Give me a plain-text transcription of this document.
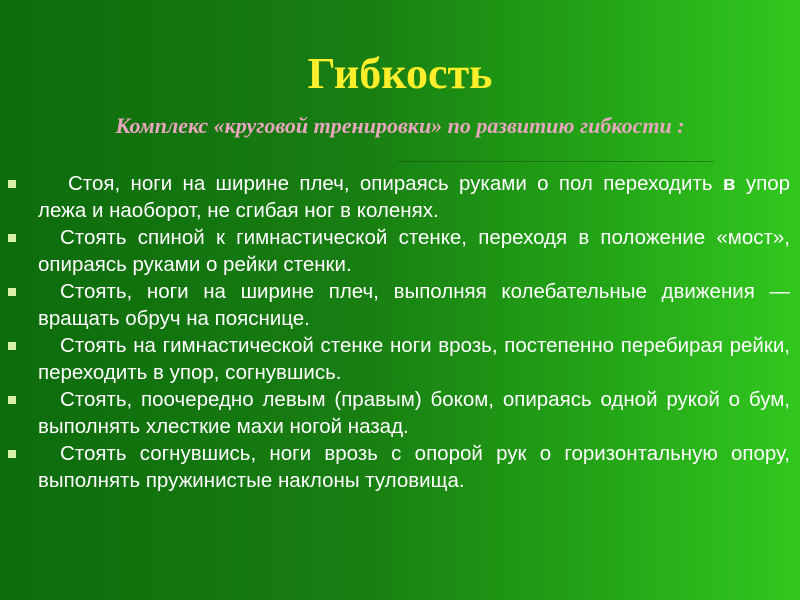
Гибкость
Комплекс «круговой тренировки» по развитию гибкости :
Стоя, ноги на ширине плеч, опираясь руками о пол переходить в упор лежа и наоборот, не сгибая ног в коленях.
Стоять спиной к гимнастической стенке, переходя в положение «мост», опираясь руками о рейки стенки.
Стоять, ноги на ширине плеч, выполняя колебательные движения — вращать обруч на пояснице.
Стоять на гимнастической стенке ноги врозь, постепенно перебирая рейки, переходить в упор, согнувшись.
Стоять, поочередно левым (правым) боком, опираясь одной рукой о бум, выполнять хлесткие махи ногой назад.
Стоять согнувшись, ноги врозь с опорой рук о горизонтальную опору, выполнять пружинистые наклоны туловища.
